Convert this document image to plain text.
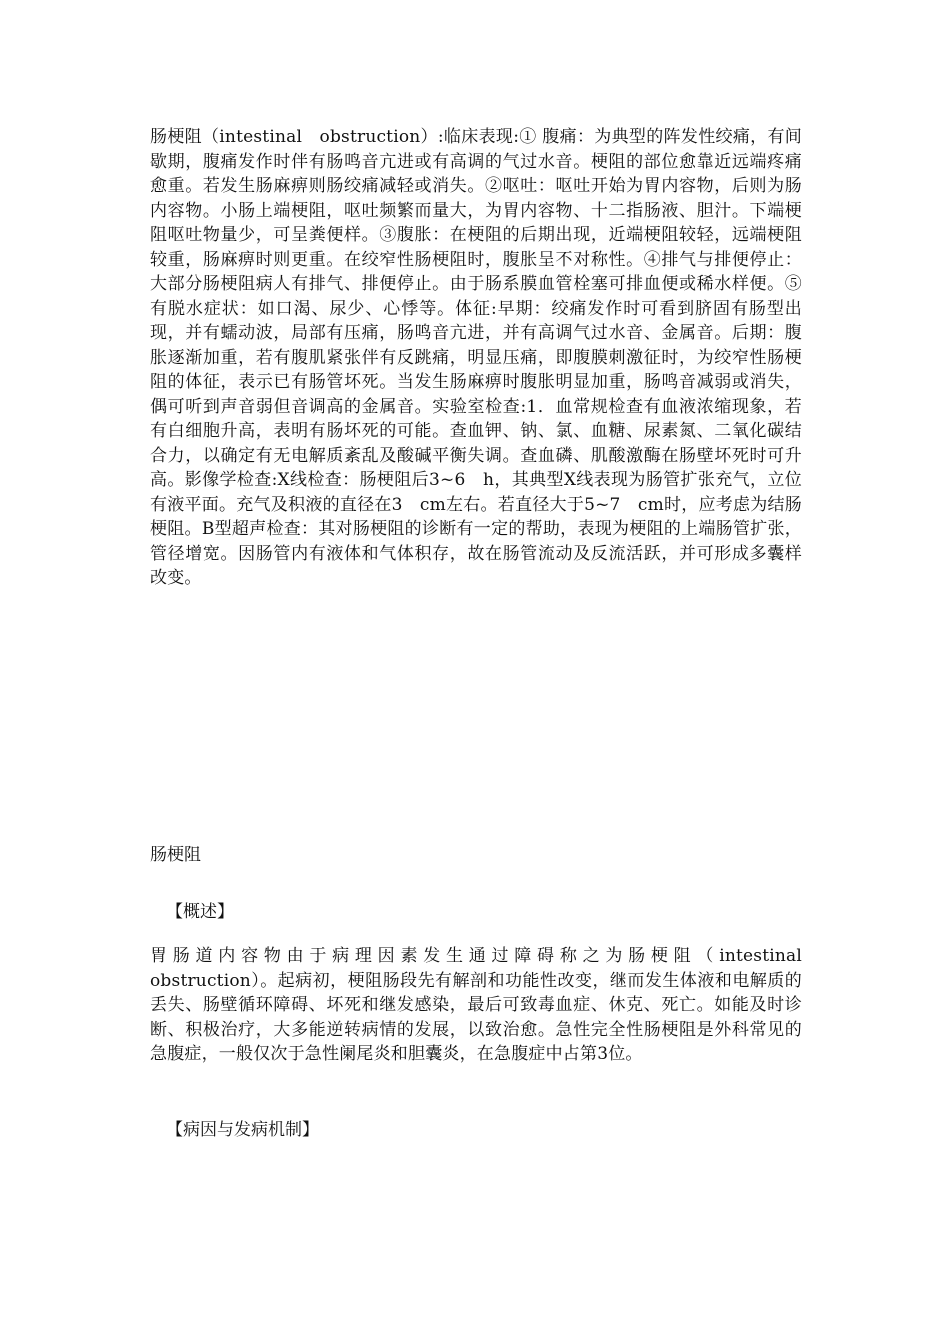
肠梗阻（intestinal　obstruction）:临床表现:① 腹痛：为典型的阵发性绞痛，有间歇期，腹痛发作时伴有肠鸣音亢进或有高调的气过水音。梗阻的部位愈靠近远端疼痛愈重。若发生肠麻痹则肠绞痛减轻或消失。②呕吐：呕吐开始为胃内容物，后则为肠内容物。小肠上端梗阻，呕吐频繁而量大，为胃内容物、十二指肠液、胆汁。下端梗阻呕吐物量少，可呈粪便样。③腹胀：在梗阻的后期出现，近端梗阻较轻，远端梗阻较重，肠麻痹时则更重。在绞窄性肠梗阻时，腹胀呈不对称性。④排气与排便停止：大部分肠梗阻病人有排气、排便停止。由于肠系膜血管栓塞可排血便或稀水样便。⑤有脱水症状：如口渴、尿少、心悸等。体征:早期：绞痛发作时可看到脐固有肠型出现，并有蠕动波，局部有压痛，肠鸣音亢进，并有高调气过水音、金属音。后期：腹胀逐渐加重，若有腹肌紧张伴有反跳痛，明显压痛，即腹膜刺激征时，为绞窄性肠梗阻的体征，表示已有肠管坏死。当发生肠麻痹时腹胀明显加重，肠鸣音减弱或消失，偶可听到声音弱但音调高的金属音。实验室检查:1．血常规检查有血液浓缩现象，若有白细胞升高，表明有肠坏死的可能。查血钾、钠、氯、血糖、尿素氮、二氧化碳结合力，以确定有无电解质紊乱及酸碱平衡失调。查血磷、肌酸激酶在肠壁坏死时可升高。影像学检查:X线检查：肠梗阻后3~6　h，其典型X线表现为肠管扩张充气，立位有液平面。充气及积液的直径在3　cm左右。若直径大于5~7　cm时，应考虑为结肠梗阻。B型超声检查：其对肠梗阻的诊断有一定的帮助，表现为梗阻的上端肠管扩张，管径增宽。因肠管内有液体和气体积存，故在肠管流动及反流活跃，并可形成多囊样改变。

肠梗阻

【概述】

胃肠道内容物由于病理因素发生通过障碍称之为肠梗阻（intestinal　obstruction）。起病初，梗阻肠段先有解剖和功能性改变，继而发生体液和电解质的丢失、肠壁循环障碍、坏死和继发感染，最后可致毒血症、休克、死亡。如能及时诊断、积极治疗，大多能逆转病情的发展，以致治愈。急性完全性肠梗阻是外科常见的急腹症，一般仅次于急性阑尾炎和胆囊炎，在急腹症中占第3位。

【病因与发病机制】
